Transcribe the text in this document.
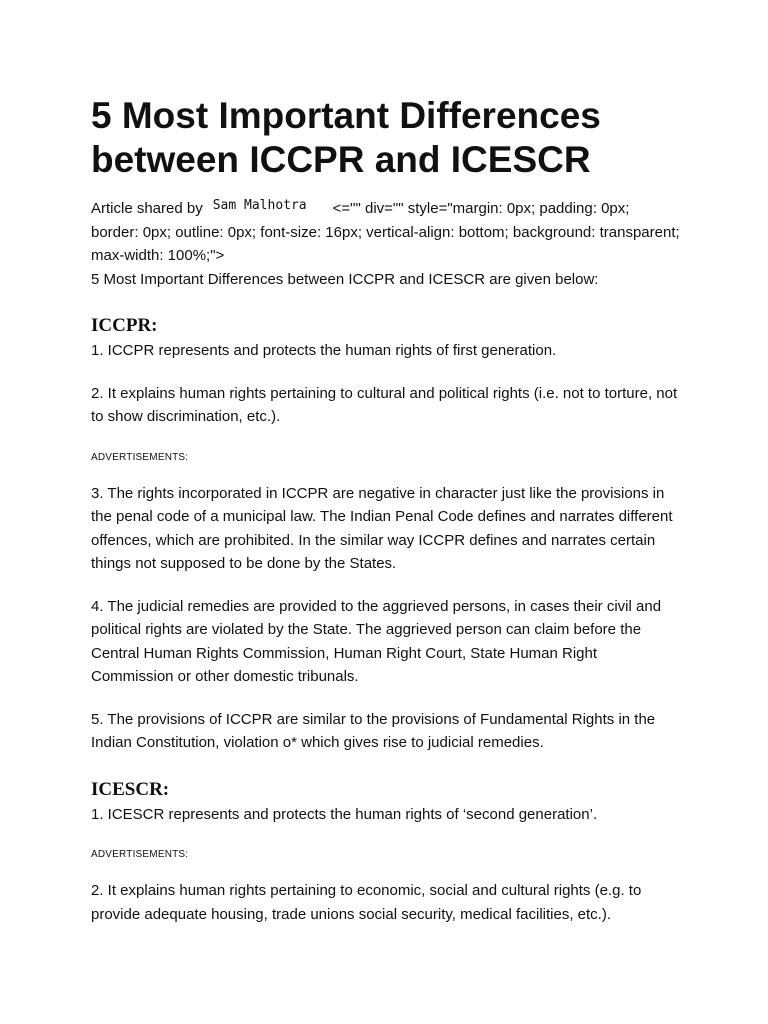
5 Most Important Differences between ICCPR and ICESCR
Article shared by Sam Malhotra <="" div="" style="margin: 0px; padding: 0px; border: 0px; outline: 0px; font-size: 16px; vertical-align: bottom; background: transparent; max-width: 100%;">

5 Most Important Differences between ICCPR and ICESCR are given below:

ICCPR:

1. ICCPR represents and protects the human rights of first generation.

2. It explains human rights pertaining to cultural and political rights (i.e. not to torture, not to show discrimination, etc.).

ADVERTISEMENTS:

3. The rights incorporated in ICCPR are negative in character just like the provisions in the penal code of a municipal law. The Indian Penal Code defines and narrates different offences, which are prohibited. In the similar way ICCPR defines and narrates certain things not supposed to be done by the States.

4. The judicial remedies are provided to the aggrieved persons, in cases their civil and political rights are violated by the State. The aggrieved person can claim before the Central Human Rights Commission, Human Right Court, State Human Right Commission or other domestic tribunals.

5. The provisions of ICCPR are similar to the provisions of Fundamental Rights in the Indian Constitution, violation o* which gives rise to judicial remedies.

ICESCR:

1. ICESCR represents and protects the human rights of ‘second generation’.

ADVERTISEMENTS:

2. It explains human rights pertaining to economic, social and cultural rights (e.g. to provide adequate housing, trade unions social security, medical facilities, etc.).
